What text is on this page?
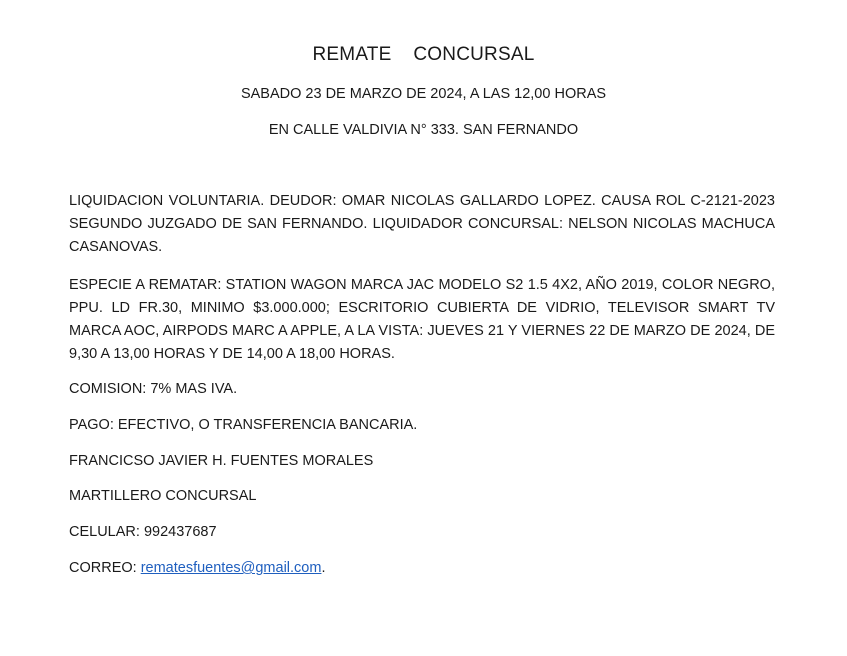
REMATE    CONCURSAL
SABADO 23 DE MARZO DE 2024, A LAS 12,00 HORAS
EN CALLE VALDIVIA N° 333. SAN FERNANDO

LIQUIDACION VOLUNTARIA. DEUDOR: OMAR NICOLAS GALLARDO LOPEZ. CAUSA ROL C-2121-2023 SEGUNDO JUZGADO DE SAN FERNANDO. LIQUIDADOR CONCURSAL: NELSON NICOLAS MACHUCA CASANOVAS.

ESPECIE A REMATAR: STATION WAGON MARCA JAC MODELO S2 1.5 4X2, AÑO 2019, COLOR NEGRO, PPU. LD FR.30, MINIMO $3.000.000; ESCRITORIO CUBIERTA DE VIDRIO, TELEVISOR SMART TV MARCA AOC, AIRPODS MARC A APPLE, A LA VISTA: JUEVES 21 Y VIERNES 22 DE MARZO DE 2024, DE 9,30 A 13,00 HORAS Y DE 14,00 A 18,00 HORAS.

COMISION: 7% MAS IVA.
PAGO: EFECTIVO, O TRANSFERENCIA BANCARIA.
FRANCICSO JAVIER H. FUENTES MORALES
MARTILLERO CONCURSAL
CELULAR: 992437687
CORREO: rematesfuentes@gmail.com.
